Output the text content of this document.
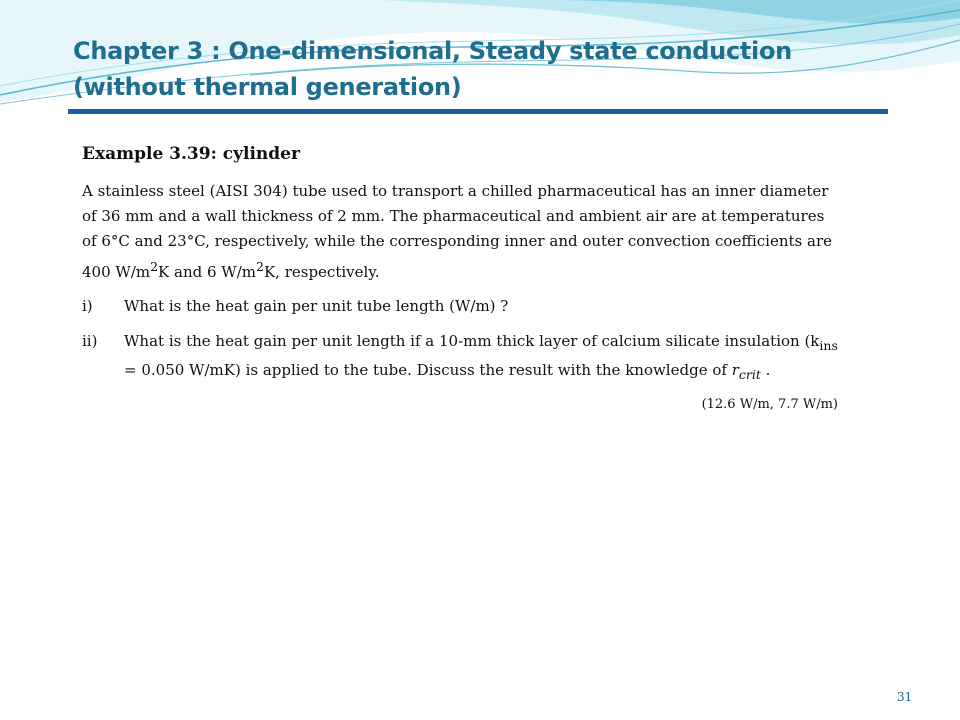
Chapter 3 : One-dimensional, Steady state conduction
(without thermal generation)
Example 3.39: cylinder

A stainless steel (AISI 304) tube used to transport a chilled pharmaceutical has an inner diameter of 36 mm and a wall thickness of 2 mm. The pharmaceutical and ambient air are at temperatures of 6°C and 23°C, respectively, while the corresponding inner and outer convection coefficients are 400 $W/m^2K$ and 6 $W/m^2K$, respectively.

i)	What is the heat gain per unit tube length (W/m) ?
ii)	What is the heat gain per unit length if a 10-mm thick layer of calcium silicate insulation ($k_{ins} = 0.050$ W/mK) is applied to the tube. Discuss the result with the knowledge of $r_{crit}$ .
(12.6 W/m, 7.7 W/m)
31
